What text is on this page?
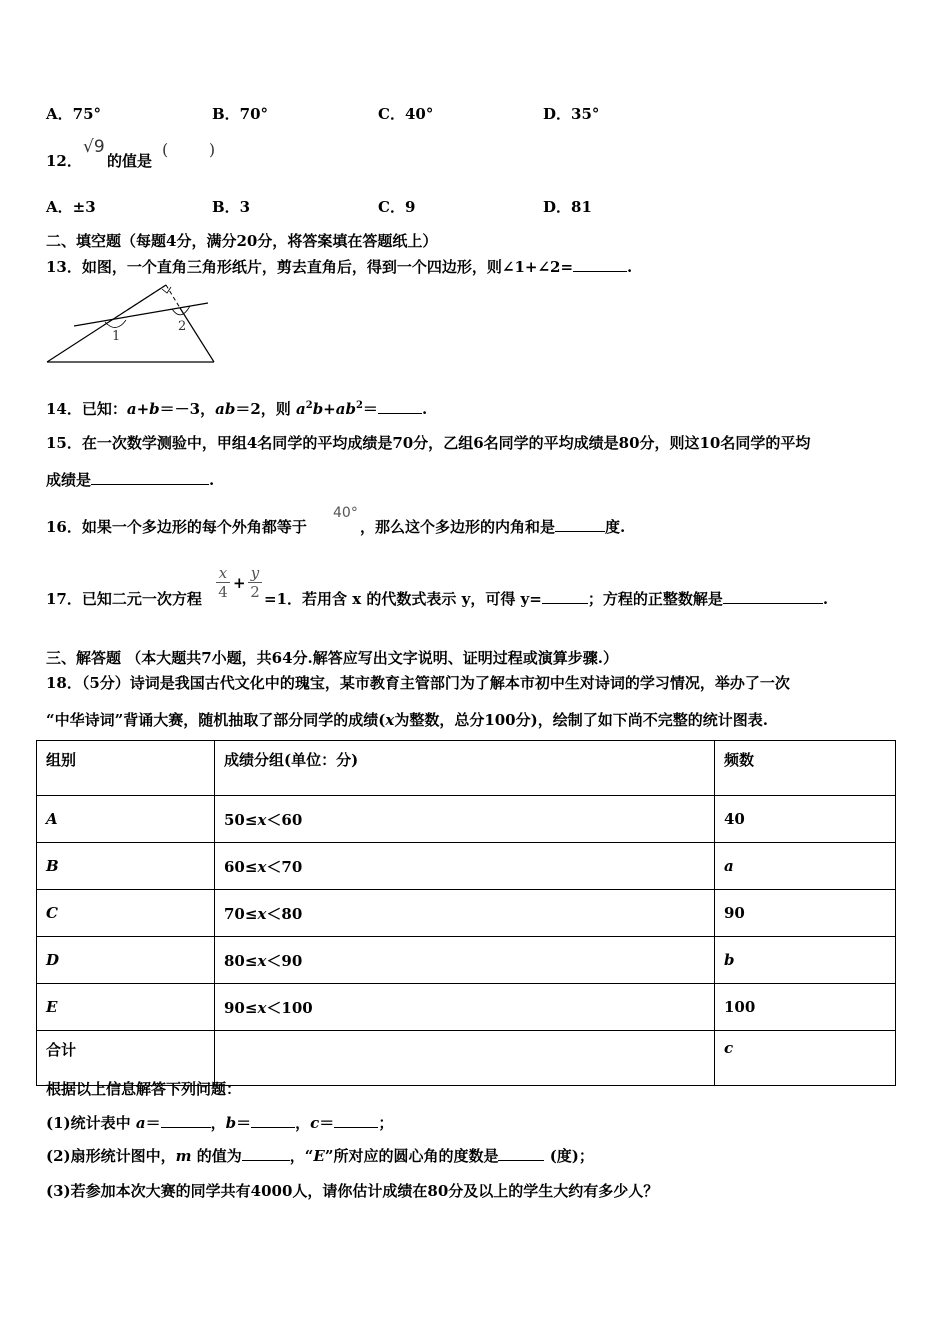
A．75°	B．70°	C．40°	D．35°
12．
√9
的值是
(        )
A．±3	B．3	C．9	D．81
二、填空题（每题4分，满分20分，将答案填在答题纸上）
13．如图，一个直角三角形纸片，剪去直角后，得到一个四边形，则∠1+∠2=	.
1
2
14．已知：a+b＝－3，ab＝2，则 $a^2b+ab^2=$	.
15．在一次数学测验中，甲组4名同学的平均成绩是70分，乙组6名同学的平均成绩是80分，则这10名同学的平均
成绩是	.
16．如果一个多边形的每个外角都等于
40°
，那么这个多边形的内角和是	度.
17．已知二元一次方程 $\frac{x}{4} + \frac{y}{2} =1$．若用含 x 的代数式表示 y，可得 y=	；方程的正整数解是	.
三、解答题 （本大题共7小题，共64分.解答应写出文字说明、证明过程或演算步骤.）
18．（5分）诗词是我国古代文化中的瑰宝，某市教育主管部门为了解本市初中生对诗词的学习情况，举办了一次
“中华诗词”背诵大赛，随机抽取了部分同学的成绩(x为整数，总分100分)，绘制了如下尚不完整的统计图表.
组别	成绩分组(单位：分)	频数
A	50≤x＜60	40
B	60≤x＜70	a
C	70≤x＜80	90
D	80≤x＜90	b
E	90≤x＜100	100
合计		c
根据以上信息解答下列问题：
(1)统计表中 a＝	，b＝	，c＝	；
(2)扇形统计图中，m 的值为	，“E”所对应的圆心角的度数是	(度)；
(3)若参加本次大赛的同学共有4000人，请你估计成绩在80分及以上的学生大约有多少人？
